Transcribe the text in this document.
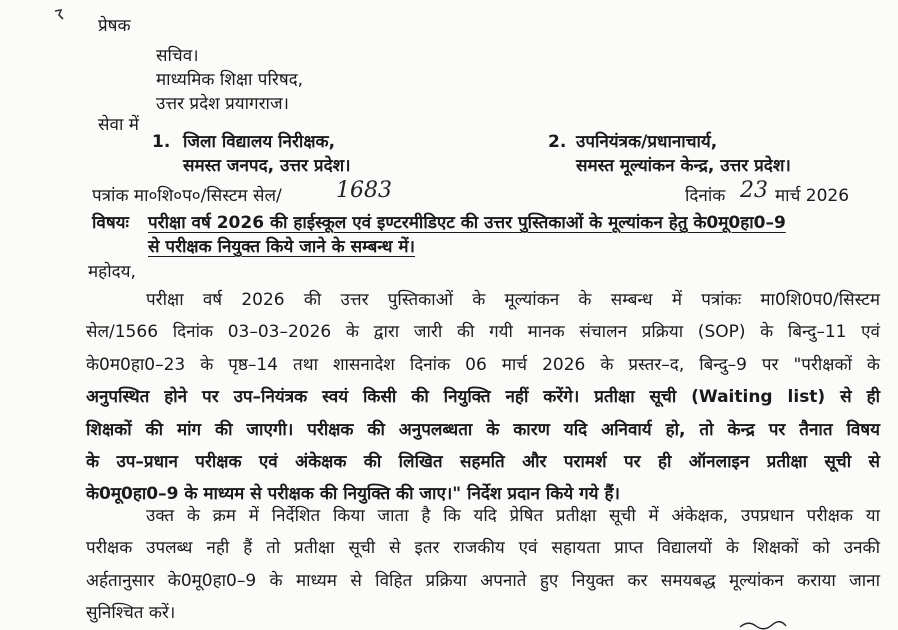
प्रेषक
सचिव।
माध्यमिक शिक्षा परिषद,
उत्तर प्रदेश प्रयागराज।
सेवा में
1. जिला विद्यालय निरीक्षक,
समस्त जनपद, उत्तर प्रदेश।
2. उपनियंत्रक/प्रधानाचार्य,
समस्त मूल्यांकन केन्द्र, उत्तर प्रदेश।
पत्रांक मा०शि०प०/सिस्टम सेल/ 1683	दिनांक 23 मार्च 2026
विषयः परीक्षा वर्ष 2026 की हाईस्कूल एवं इण्टरमीडिएट की उत्तर पुस्तिकाओं के मूल्यांकन हेतु के0मू0हा0–9
से परीक्षक नियुक्त किये जाने के सम्बन्ध में।
महोदय,
परीक्षा वर्ष 2026 की उत्तर पुस्तिकाओं के मूल्यांकन के सम्बन्ध में पत्रांकः मा0शि0प0/सिस्टम
सेल/1566 दिनांक 03–03–2026 के द्वारा जारी की गयी मानक संचालन प्रक्रिया (SOP) के बिन्दु–11 एवं
के0म0हा0–23 के पृष्ठ–14 तथा शासनादेश दिनांक 06 मार्च 2026 के प्रस्तर–द, बिन्दु–9 पर "परीक्षकों के
अनुपस्थित होने पर उप–नियंत्रक स्वयं किसी की नियुक्ति नहीं करेंगे। प्रतीक्षा सूची (Waiting list) से ही
शिक्षकों की मांग की जाएगी। परीक्षक की अनुपलब्धता के कारण यदि अनिवार्य हो, तो केन्द्र पर तैनात विषय
के उप–प्रधान परीक्षक एवं अंकेक्षक की लिखित सहमति और परामर्श पर ही ऑनलाइन प्रतीक्षा सूची से
के0मू0हा0–9 के माध्यम से परीक्षक की नियुक्ति की जाए।" निर्देश प्रदान किये गये हैं।
उक्त के क्रम में निर्देशित किया जाता है कि यदि प्रेषित प्रतीक्षा सूची में अंकेक्षक, उपप्रधान परीक्षक या
परीक्षक उपलब्ध नही हैं तो प्रतीक्षा सूची से इतर राजकीय एवं सहायता प्राप्त विद्यालयों के शिक्षकों को उनकी
अर्हतानुसार के0मू0हा0–9 के माध्यम से विहित प्रक्रिया अपनाते हुए नियुक्त कर समयबद्ध मूल्यांकन कराया जाना
सुनिश्चित करें।
